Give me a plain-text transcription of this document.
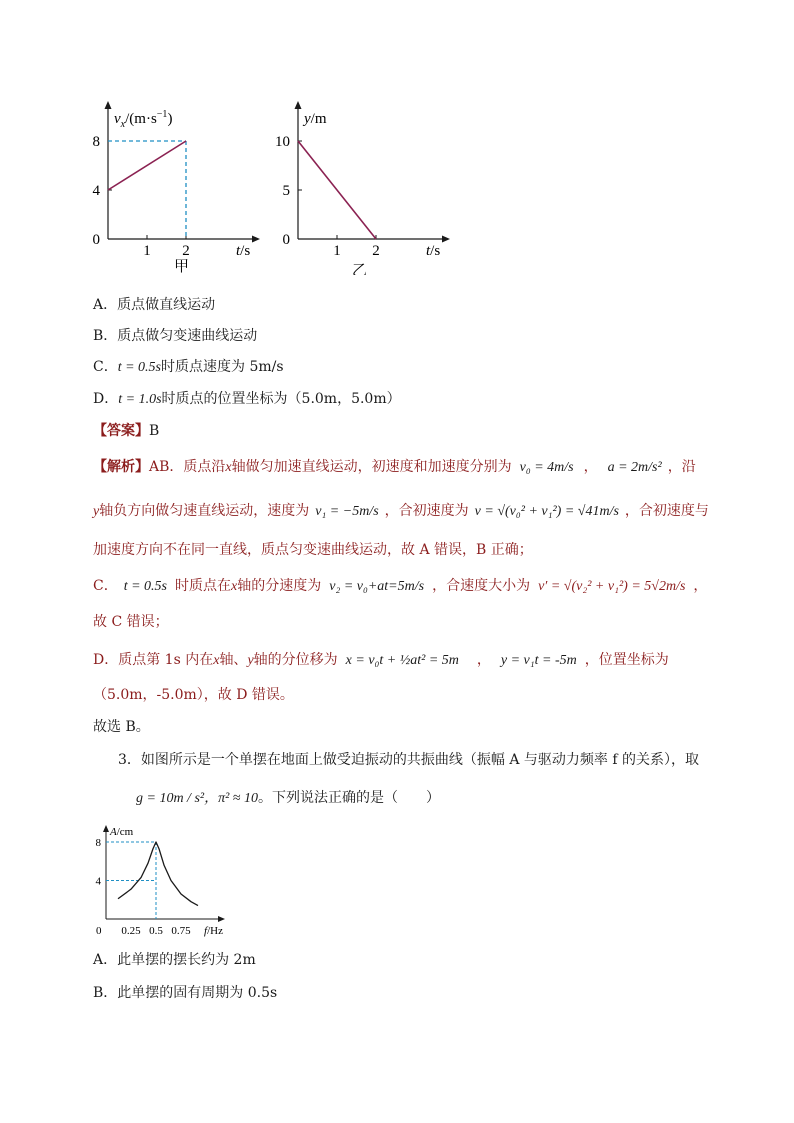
0
4
8
1 2
$v_x/(m\cdot s^{-1})$
t/s
甲
0
5
10
1 2
y/m
t/s
乙
A．质点做直线运动
B．质点做匀变速曲线运动
C．t = 0.5s时质点速度为 5m/s
D．t = 1.0s时质点的位置坐标为（5.0m，5.0m）
【答案】B
【解析】AB．质点沿x轴做匀加速直线运动，初速度和加速度分别为 v₀ = 4m/s ， a = 2m/s² ，沿
y轴负方向做匀速直线运动，速度为 v₁ = −5m/s ，合初速度为 v = √(v₀² + v₁²) = √41m/s ，合初速度与
加速度方向不在同一直线，质点匀变速曲线运动，故 A 错误，B 正确；
C． t = 0.5s 时质点在x轴的分速度为 v₂ = v₀+at=5m/s ，合速度大小为 v′ = √(v₂² + v₁²) = 5√2m/s ，
故 C 错误；
D．质点第 1s 内在x轴、y轴的分位移为 x = v₀t + ½at² = 5m ， y = v₁t = -5m ，位置坐标为
（5.0m，-5.0m），故 D 错误。
故选 B。
3．如图所示是一个单摆在地面上做受迫振动的共振曲线（振幅 A 与驱动力频率 f 的关系），取
g = 10m / s²，π² ≈ 10。下列说法正确的是（　　）
4
8
0.25 0.5 0.75
A/cm
f/Hz
0
A．此单摆的摆长约为 2m
B．此单摆的固有周期为 0.5s
